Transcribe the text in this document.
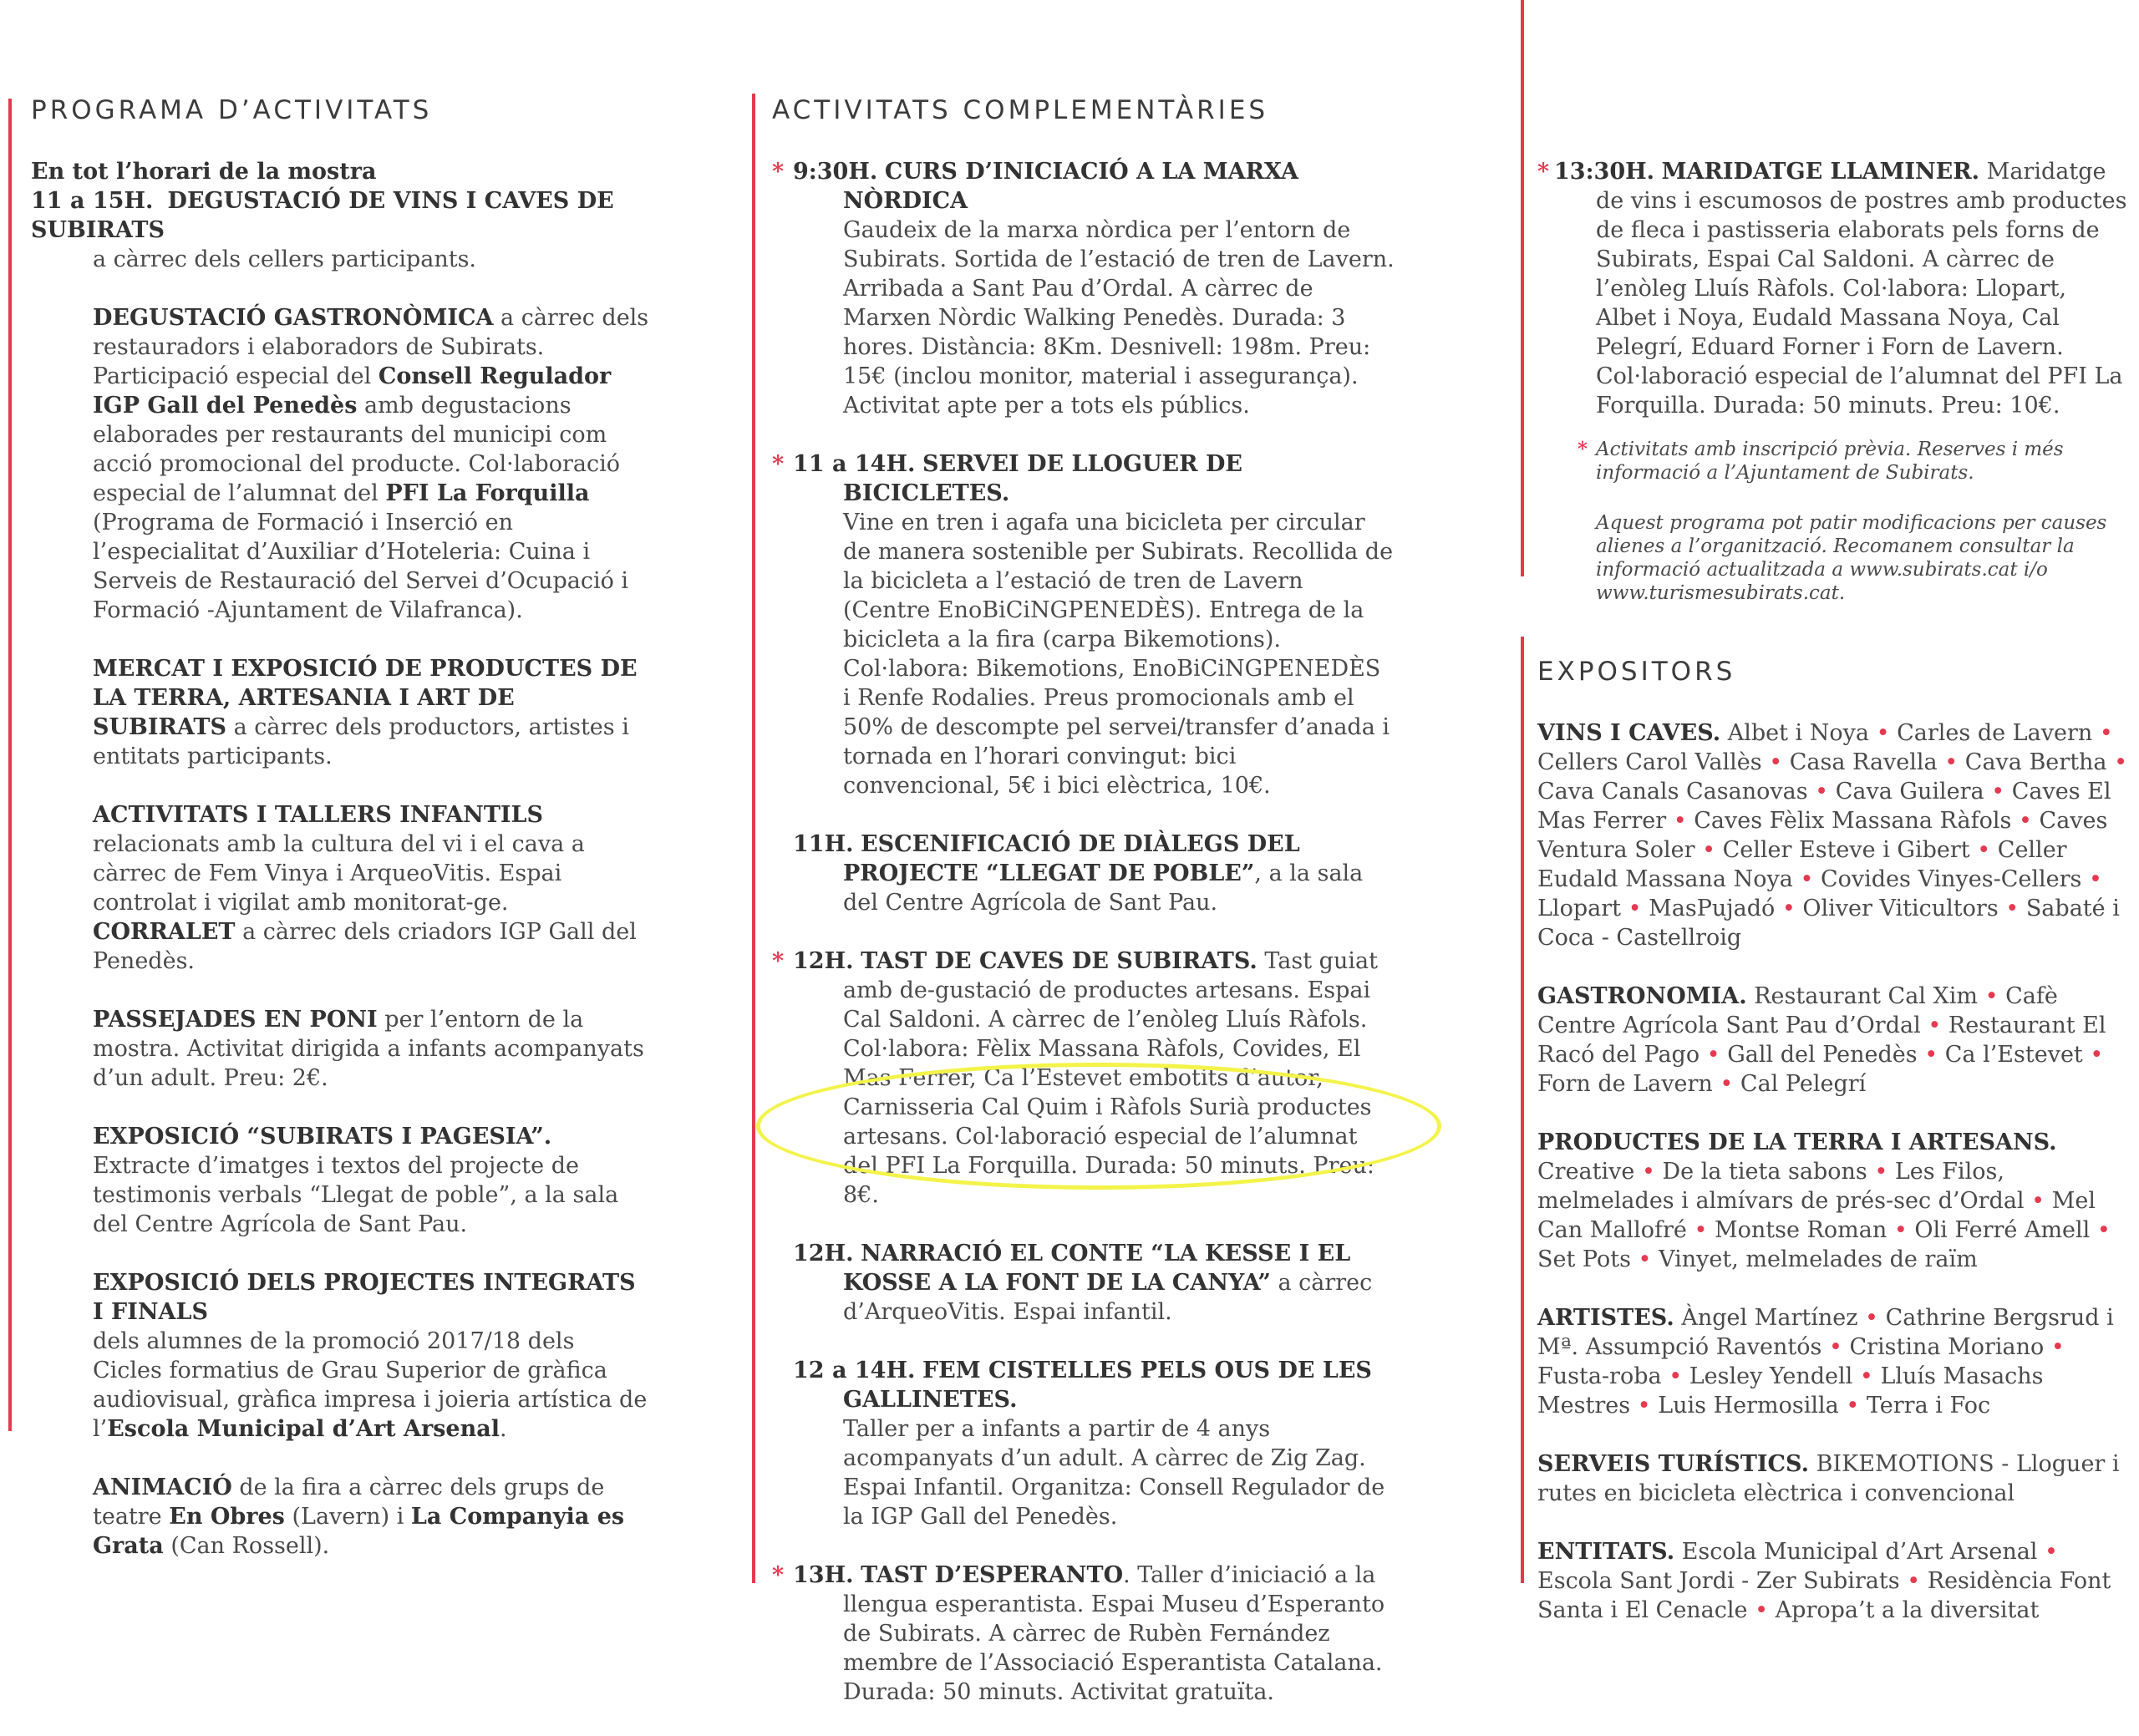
PROGRAMA D’ACTIVITATS
En tot l’horari de la mostra
11 a 15H. DEGUSTACIÓ DE VINS I CAVES DE SUBIRATS
a càrrec dels cellers participants.
DEGUSTACIÓ GASTRONÒMICA a càrrec dels restauradors i elaboradors de Subirats. Participació especial del Consell Regulador IGP Gall del Penedès amb degustacions elaborades per restaurants del municipi com acció promocional del producte. Col·laboració especial de l’alumnat del PFI La Forquilla (Programa de Formació i Inserció en l’especialitat d’Auxiliar d’Hoteleria: Cuina i Serveis de Restauració del Servei d’Ocupació i Formació -Ajuntament de Vilafranca).
MERCAT I EXPOSICIÓ DE PRODUCTES DE LA TERRA, ARTESANIA I ART DE SUBIRATS a càrrec dels productors, artistes i entitats participants.
ACTIVITATS I TALLERS INFANTILS relacionats amb la cultura del vi i el cava a càrrec de Fem Vinya i ArqueoVitis. Espai controlat i vigilat amb monitorat-ge. CORRALET a càrrec dels criadors IGP Gall del Penedès.
PASSEJADES EN PONI per l’entorn de la mostra. Activitat dirigida a infants acompanyats d’un adult. Preu: 2€.
EXPOSICIÓ “SUBIRATS I PAGESIA”.
Extracte d’imatges i textos del projecte de testimonis verbals “Llegat de poble”, a la sala del Centre Agrícola de Sant Pau.
EXPOSICIÓ DELS PROJECTES INTEGRATS I FINALS
dels alumnes de la promoció 2017/18 dels Cicles formatius de Grau Superior de gràfica audiovisual, gràfica impresa i joieria artística de l’Escola Municipal d’Art Arsenal.
ANIMACIÓ de la fira a càrrec dels grups de teatre En Obres (Lavern) i La Companyia es Grata (Can Rossell).
ACTIVITATS COMPLEMENTÀRIES
* 9:30H. CURS D’INICIACIÓ A LA MARXA NÒRDICA
Gaudeix de la marxa nòrdica per l’entorn de Subirats. Sortida de l’estació de tren de Lavern. Arribada a Sant Pau d’Ordal. A càrrec de Marxen Nòrdic Walking Penedès. Durada: 3 hores. Distància: 8Km. Desnivell: 198m. Preu: 15€ (inclou monitor, material i assegurança). Activitat apte per a tots els públics.
* 11 a 14H. SERVEI DE LLOGUER DE BICICLETES.
Vine en tren i agafa una bicicleta per circular de manera sostenible per Subirats. Recollida de la bicicleta a l’estació de tren de Lavern (Centre EnoBiCiNGPENEDÈS). Entrega de la bicicleta a la fira (carpa Bikemotions). Col·labora: Bikemotions, EnoBiCiNGPENEDÈS i Renfe Rodalies. Preus promocionals amb el 50% de descompte pel servei/transfer d’anada i tornada en l’horari convingut: bici convencional, 5€ i bici elèctrica, 10€.
11H. ESCENIFICACIÓ DE DIÀLEGS DEL PROJECTE “LLEGAT DE POBLE”, a la sala del Centre Agrícola de Sant Pau.
* 12H. TAST DE CAVES DE SUBIRATS. Tast guiat amb de-gustació de productes artesans. Espai Cal Saldoni. A càrrec de l’enòleg Lluís Ràfols. Col·labora: Fèlix Massana Ràfols, Covides, El Mas Ferrer, Ca l’Estevet embotits d’autor, Carnisseria Cal Quim i Ràfols Surià productes artesans. Col·laboració especial de l’alumnat del PFI La Forquilla. Durada: 50 minuts. Preu: 8€.
12H. NARRACIÓ EL CONTE “LA KESSE I EL KOSSE A LA FONT DE LA CANYA” a càrrec d’ArqueoVitis. Espai infantil.
12 a 14H. FEM CISTELLES PELS OUS DE LES GALLINETES.
Taller per a infants a partir de 4 anys acompanyats d’un adult. A càrrec de Zig Zag. Espai Infantil. Organitza: Consell Regulador de la IGP Gall del Penedès.
* 13H. TAST D’ESPERANTO. Taller d’iniciació a la llengua esperantista. Espai Museu d’Esperanto de Subirats. A càrrec de Rubèn Fernández membre de l’Associació Esperantista Catalana. Durada: 50 minuts. Activitat gratuïta.
* 13:30H. MARIDATGE LLAMINER. Maridatge de vins i escumosos de postres amb productes de fleca i pastisseria elaborats pels forns de Subirats, Espai Cal Saldoni. A càrrec de l’enòleg Lluís Ràfols. Col·labora: Llopart, Albet i Noya, Eudald Massana Noya, Cal Pelegrí, Eduard Forner i Forn de Lavern. Col·laboració especial de l’alumnat del PFI La Forquilla. Durada: 50 minuts. Preu: 10€.
* Activitats amb inscripció prèvia. Reserves i més informació a l’Ajuntament de Subirats.
Aquest programa pot patir modificacions per causes alienes a l’organització. Recomanem consultar la informació actualitzada a www.subirats.cat i/o www.turismesubirats.cat.
EXPOSITORS
VINS I CAVES. Albet i Noya • Carles de Lavern • Cellers Carol Vallès • Casa Ravella • Cava Bertha • Cava Canals Casanovas • Cava Guilera • Caves El Mas Ferrer • Caves Fèlix Massana Ràfols • Caves Ventura Soler • Celler Esteve i Gibert • Celler Eudald Massana Noya • Covides Vinyes-Cellers • Llopart • MasPujadó • Oliver Viticultors • Sabaté i Coca - Castellroig
GASTRONOMIA. Restaurant Cal Xim • Cafè Centre Agrícola Sant Pau d’Ordal • Restaurant El Racó del Pago • Gall del Penedès • Ca l’Estevet • Forn de Lavern • Cal Pelegrí
PRODUCTES DE LA TERRA I ARTESANS. Creative • De la tieta sabons • Les Filos, melmelades i almívars de prés-sec d’Ordal • Mel Can Mallofré • Montse Roman • Oli Ferré Amell • Set Pots • Vinyet, melmelades de raïm
ARTISTES. Àngel Martínez • Cathrine Bergsrud i Mª. Assumpció Raventós • Cristina Moriano • Fusta-roba • Lesley Yendell • Lluís Masachs Mestres • Luis Hermosilla • Terra i Foc
SERVEIS TURÍSTICS. BIKEMOTIONS - Lloguer i rutes en bicicleta elèctrica i convencional
ENTITATS. Escola Municipal d’Art Arsenal • Escola Sant Jordi - Zer Subirats • Residència Font Santa i El Cenacle • Apropa’t a la diversitat
